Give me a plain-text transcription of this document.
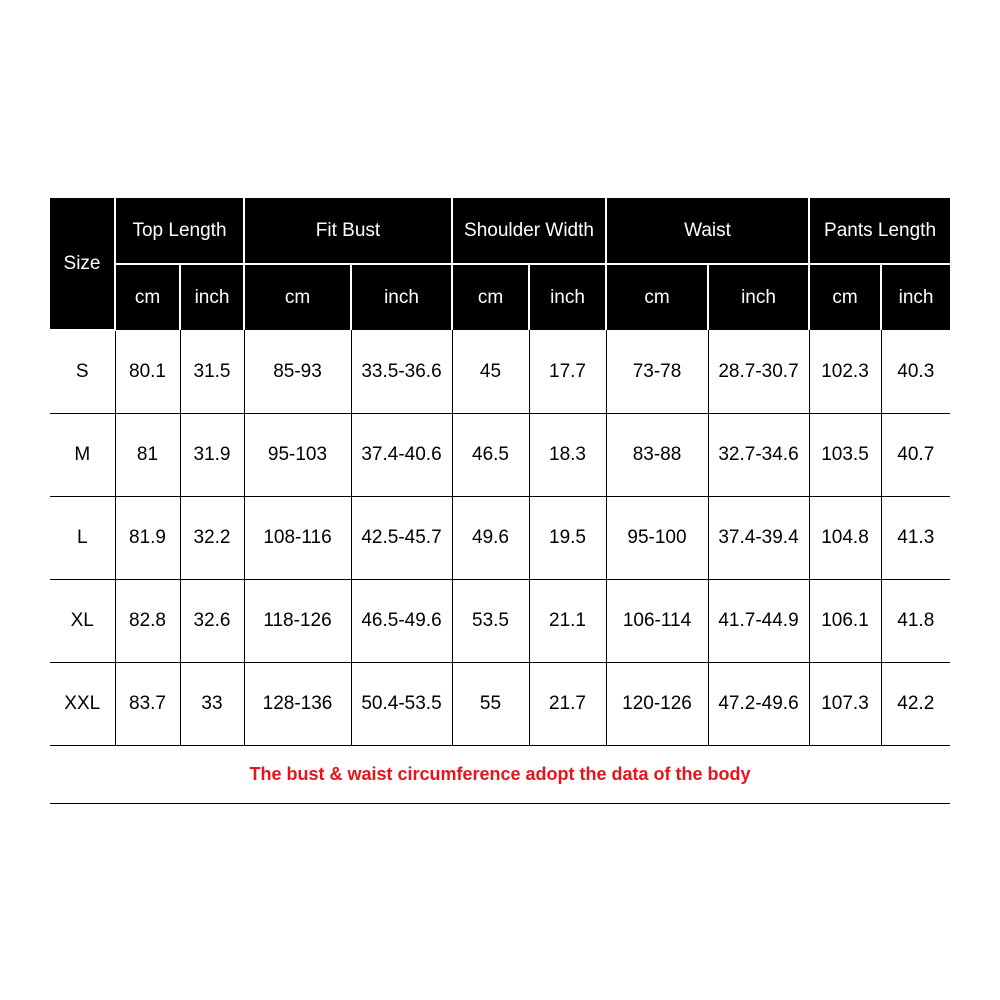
Size	Top Length		Fit Bust		Shoulder Width		Waist		Pants Length	
	cm	inch	cm	inch	cm	inch	cm	inch	cm	inch
S	80.1	31.5	85-93	33.5-36.6	45	17.7	73-78	28.7-30.7	102.3	40.3
M	81	31.9	95-103	37.4-40.6	46.5	18.3	83-88	32.7-34.6	103.5	40.7
L	81.9	32.2	108-116	42.5-45.7	49.6	19.5	95-100	37.4-39.4	104.8	41.3
XL	82.8	32.6	118-126	46.5-49.6	53.5	21.1	106-114	41.7-44.9	106.1	41.8
XXL	83.7	33	128-136	50.4-53.5	55	21.7	120-126	47.2-49.6	107.3	42.2
The bust & waist circumference adopt the data of the body
